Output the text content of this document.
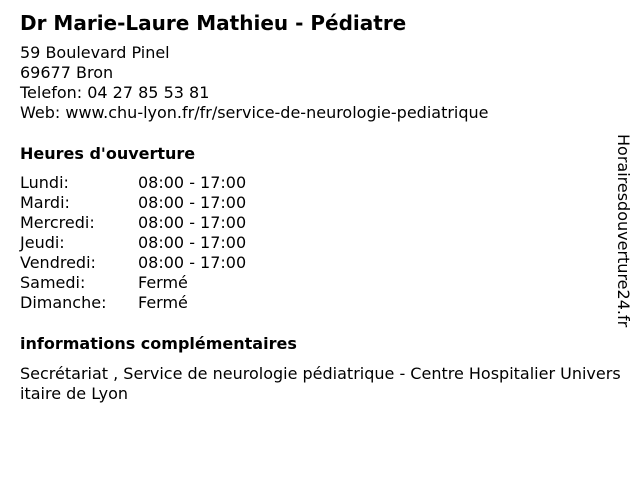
Dr Marie-Laure Mathieu - Pédiatre
59 Boulevard Pinel
69677 Bron
Telefon: 04 27 85 53 81
Web: www.chu-lyon.fr/fr/service-de-neurologie-pediatrique
Heures d'ouverture
Lundi:	08:00 - 17:00
Mardi:	08:00 - 17:00
Mercredi:	08:00 - 17:00
Jeudi:	08:00 - 17:00
Vendredi:	08:00 - 17:00
Samedi:	Fermé
Dimanche: Fermé
informations complémentaires
Secrétariat , Service de neurologie pédiatrique - Centre Hospitalier Universitaire de Lyon
Horairesdouverture24.fr
